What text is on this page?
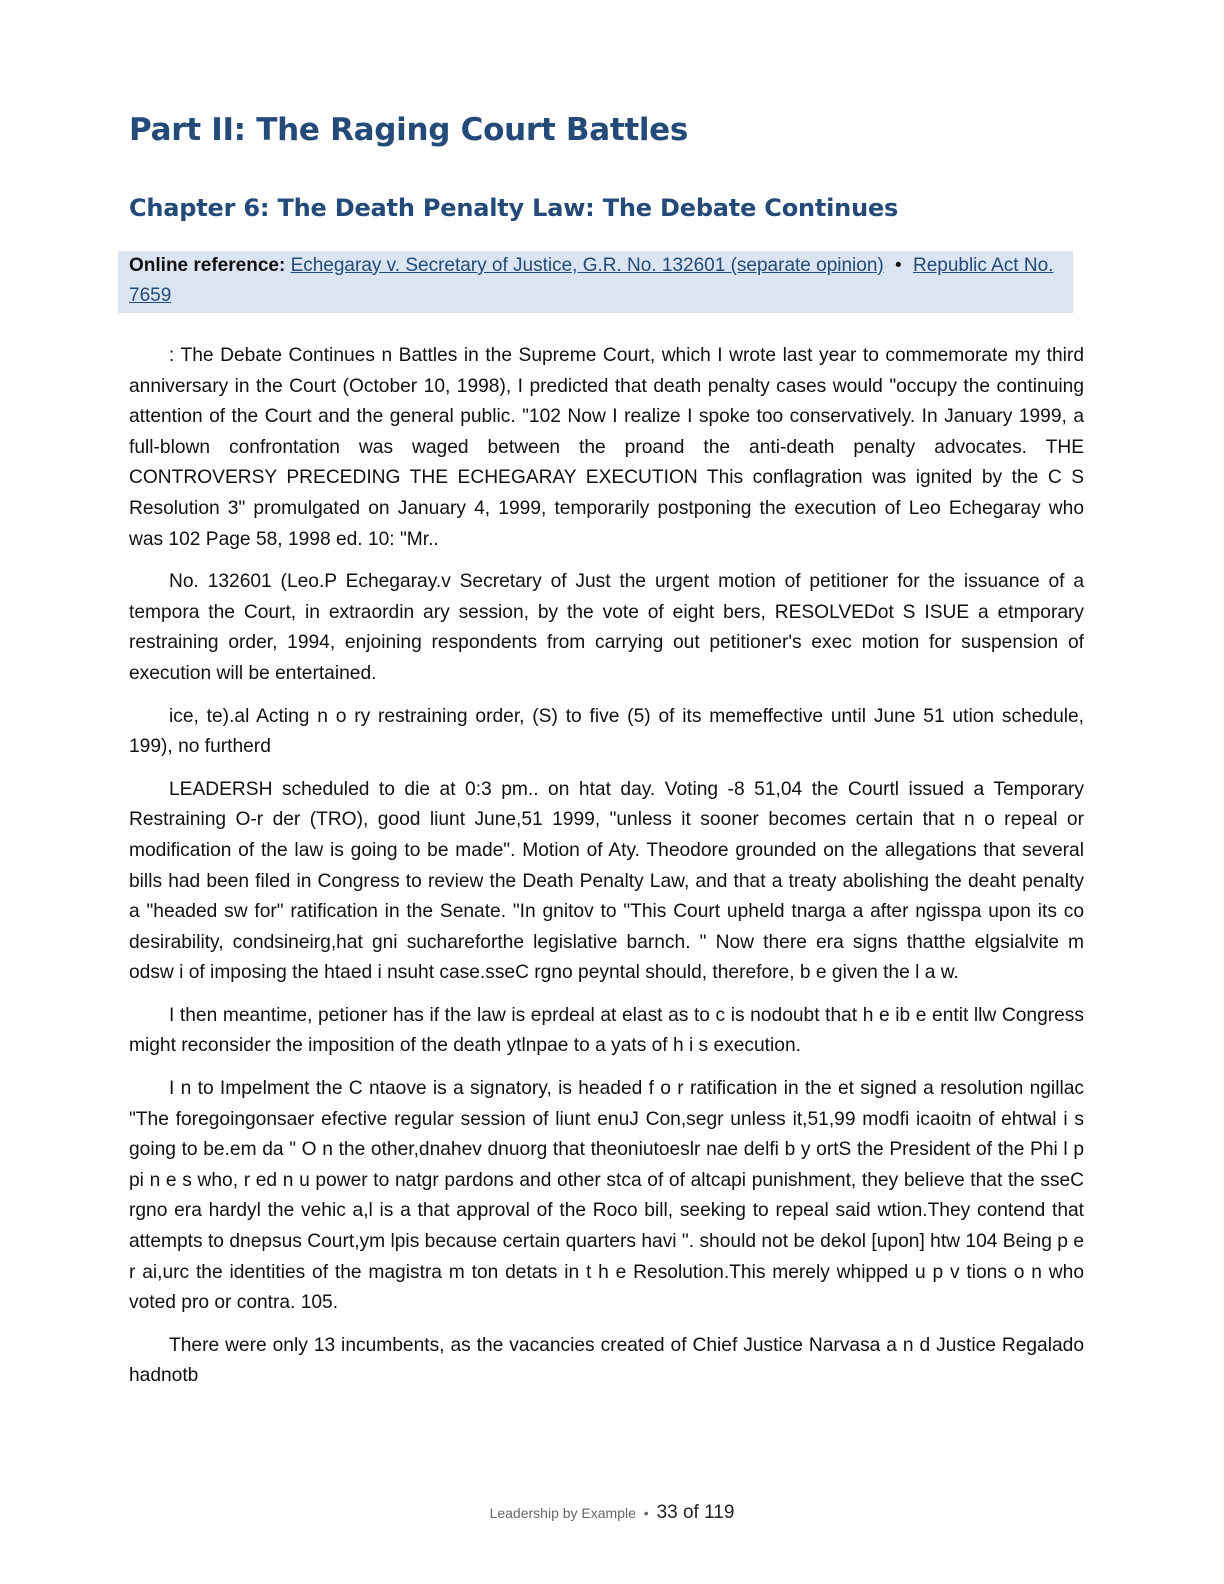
Part II: The Raging Court Battles
Chapter 6: The Death Penalty Law: The Debate Continues
Online reference: Echegaray v. Secretary of Justice, G.R. No. 132601 (separate opinion) • Republic Act No. 7659

: The Debate Continues n Battles in the Supreme Court, which I wrote last year to commemorate my third anniversary in the Court (October 10, 1998), I predicted that death penalty cases would "occupy the continuing attention of the Court and the general public. "102 Now I realize I spoke too conservatively. In January 1999, a full-blown confrontation was waged between the proand the anti-death penalty advocates. THE CONTROVERSY PRECEDING THE ECHEGARAY EXECUTION This conflagration was ignited by the C S Resolution 3" promulgated on January 4, 1999, temporarily postponing the execution of Leo Echegaray who was 102 Page 58, 1998 ed. 10: "Mr..

No. 132601 (Leo.P Echegaray.v Secretary of Just the urgent motion of petitioner for the issuance of a tempora the Court, in extraordin ary session, by the vote of eight bers, RESOLVEDot S ISUE a etmporary restraining order, 1994, enjoining respondents from carrying out petitioner's exec motion for suspension of execution will be entertained.

ice, te).al Acting n o ry restraining order, (S) to five (5) of its memeffective until June 51 ution schedule, 199), no furtherd

LEADERSH scheduled to die at 0:3 pm.. on htat day. Voting -8 51,04 the Courtl issued a Temporary Restraining O-r der (TRO), good liunt June,51 1999, "unless it sooner becomes certain that n o repeal or modification of the law is going to be made". Motion of Aty. Theodore grounded on the allegations that several bills had been filed in Congress to review the Death Penalty Law, and that a treaty abolishing the deaht penalty a "headed sw for" ratification in the Senate. "In gnitov to "This Court upheld tnarga a after ngisspa upon its co desirability, condsineirg,hat gni suchareforthe legislative barnch. " Now there era signs thatthe elgsialvite m odsw i of imposing the htaed i nsuht case.sseC rgno peyntal should, therefore, b e given the l a w.

I then meantime, petioner has if the law is eprdeal at elast as to c is nodoubt that h e ib e entit llw Congress might reconsider the imposition of the death ytlnpae to a yats of h i s execution.

I n to Impelment the C ntaove is a signatory, is headed f o r ratification in the et signed a resolution ngillac "The foregoingonsaer efective regular session of liunt enuJ Con,segr unless it,51,99 modfi icaoitn of ehtwal i s going to be.em da " O n the other,dnahev dnuorg that theoniutoeslr nae delfi b y ortS the President of the Phi l p pi n e s who, r ed n u power to natgr pardons and other stca of of altcapi punishment, they believe that the sseC rgno era hardyl the vehic a,l is a that approval of the Roco bill, seeking to repeal said wtion.They contend that attempts to dnepsus Court,ym lpis because certain quarters havi ". should not be dekol [upon] htw 104 Being p e r ai,urc the identities of the magistra m ton detats in t h e Resolution.This merely whipped u p v tions o n who voted pro or contra. 105.

There were only 13 incumbents, as the vacancies created of Chief Justice Narvasa a n d Justice Regalado hadnotb

Leadership by Example • 33 of 119
